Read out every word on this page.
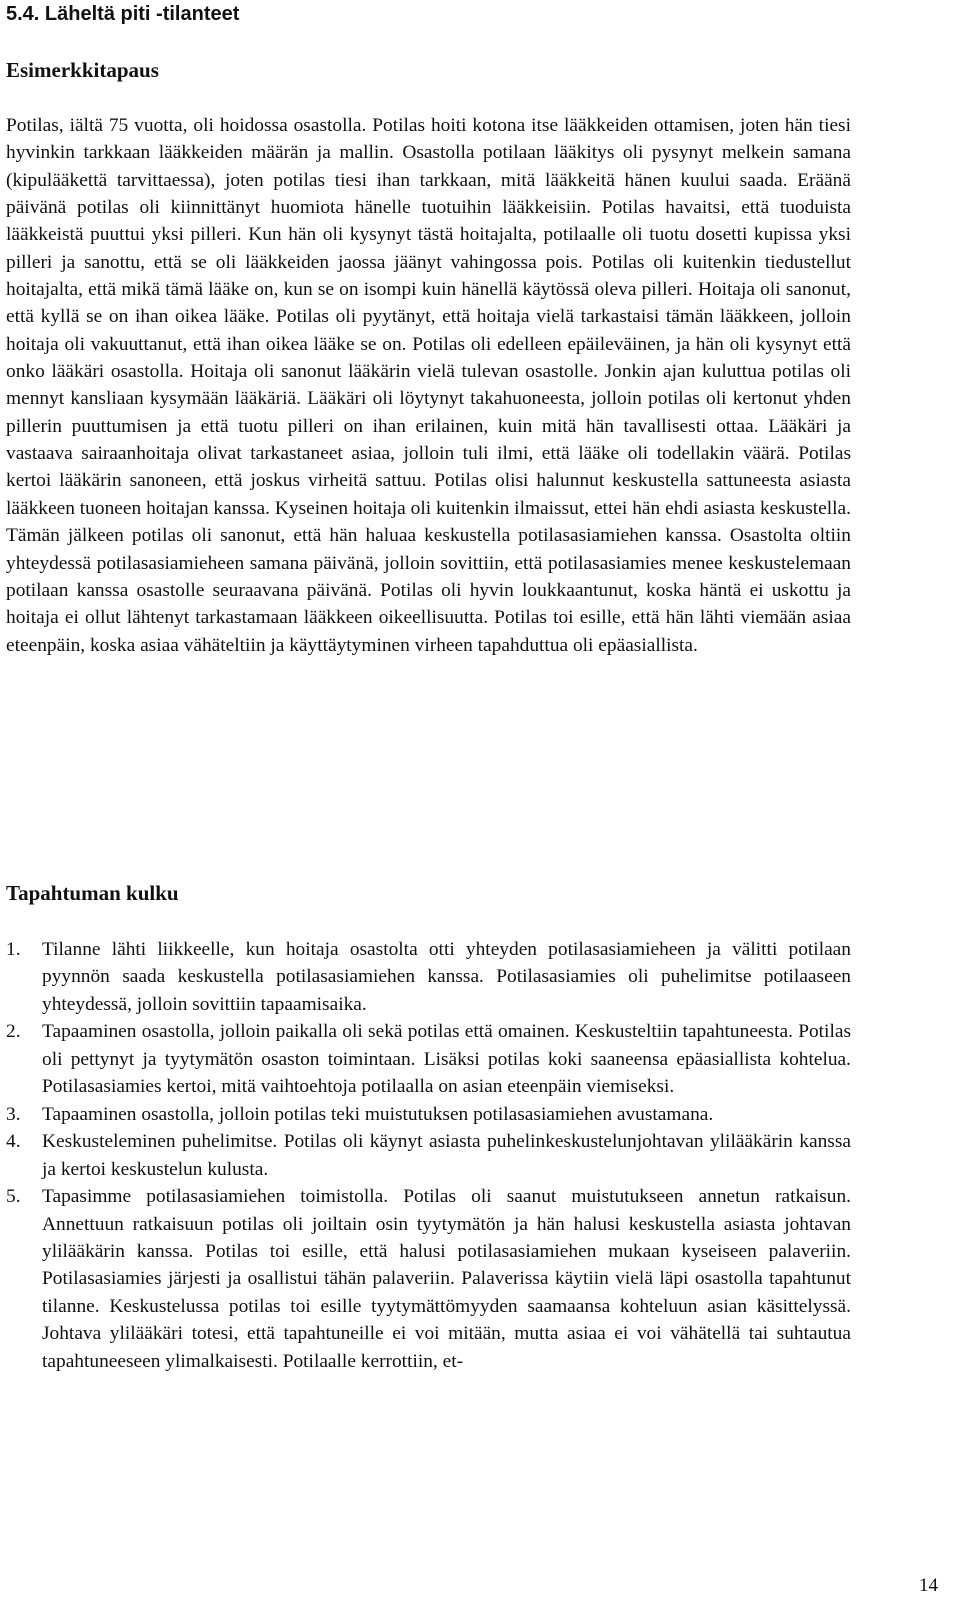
5.4. Läheltä piti -tilanteet
Esimerkkitapaus

Potilas, iältä 75 vuotta, oli hoidossa osastolla. Potilas hoiti kotona itse lääkkeiden ottamisen, joten hän tiesi hyvinkin tarkkaan lääkkeiden määrän ja mallin. Osastolla potilaan lääkitys oli pysynyt melkein samana (kipulääkettä tarvittaessa), joten potilas tiesi ihan tarkkaan, mitä lääkkeitä hänen kuului saada. Eräänä päivänä potilas oli kiinnittänyt huomiota hänelle tuotuihin lääkkeisiin. Potilas havaitsi, että tuoduista lääkkeistä puuttui yksi pilleri. Kun hän oli kysynyt tästä hoitajalta, potilaalle oli tuotu dosetti kupissa yksi pilleri ja sanottu, että se oli lääkkeiden jaossa jäänyt vahingossa pois. Potilas oli kuitenkin tiedustellut hoitajalta, että mikä tämä lääke on, kun se on isompi kuin hänellä käytössä oleva pilleri. Hoitaja oli sanonut, että kyllä se on ihan oikea lääke. Potilas oli pyytänyt, että hoitaja vielä tarkastaisi tämän lääkkeen, jolloin hoitaja oli vakuuttanut, että ihan oikea lääke se on. Potilas oli edelleen epäileväinen, ja hän oli kysynyt että onko lääkäri osastolla. Hoitaja oli sanonut lääkärin vielä tulevan osastolle. Jonkin ajan kuluttua potilas oli mennyt kansliaan kysymään lääkäriä. Lääkäri oli löytynyt takahuoneesta, jolloin potilas oli kertonut yhden pillerin puuttumisen ja että tuotu pilleri on ihan erilainen, kuin mitä hän tavallisesti ottaa. Lääkäri ja vastaava sairaanhoitaja olivat tarkastaneet asiaa, jolloin tuli ilmi, että lääke oli todellakin väärä. Potilas kertoi lääkärin sanoneen, että joskus virheitä sattuu. Potilas olisi halunnut keskustella sattuneesta asiasta lääkkeen tuoneen hoitajan kanssa. Kyseinen hoitaja oli kuitenkin ilmaissut, ettei hän ehdi asiasta keskustella. Tämän jälkeen potilas oli sanonut, että hän haluaa keskustella potilasasiamiehen kanssa. Osastolta oltiin yhteydessä potilasasiamieheen samana päivänä, jolloin sovittiin, että potilasasiamies menee keskustelemaan potilaan kanssa osastolle seuraavana päivänä. Potilas oli hyvin loukkaantunut, koska häntä ei uskottu ja hoitaja ei ollut lähtenyt tarkastamaan lääkkeen oikeellisuutta. Potilas toi esille, että hän lähti viemään asiaa eteenpäin, koska asiaa vähäteltiin ja käyttäytyminen virheen tapahduttua oli epäasiallista.

Tapahtuman kulku
1.	Tilanne lähti liikkeelle, kun hoitaja osastolta otti yhteyden potilasasiamieheen ja välitti potilaan pyynnön saada keskustella potilasasiamiehen kanssa. Potilasasiamies oli puhelimitse potilaaseen yhteydessä, jolloin sovittiin tapaamisaika.
2.	Tapaaminen osastolla, jolloin paikalla oli sekä potilas että omainen. Keskusteltiin tapahtuneesta. Potilas oli pettynyt ja tyytymätön osaston toimintaan. Lisäksi potilas koki saaneensa epäasiallista kohtelua. Potilasasiamies kertoi, mitä vaihtoehtoja potilaalla on asian eteenpäin viemiseksi.
3.	Tapaaminen osastolla, jolloin potilas teki muistutuksen potilasasiamiehen avustamana.
4.	Keskusteleminen puhelimitse. Potilas oli käynyt asiasta puhelinkeskustelunjohtavan ylilääkärin kanssa ja kertoi keskustelun kulusta.
5.	Tapasimme potilasasiamiehen toimistolla. Potilas oli saanut muistutukseen annetun ratkaisun. Annettuun ratkaisuun potilas oli joiltain osin tyytymätön ja hän halusi keskustella asiasta johtavan ylilääkärin kanssa. Potilas toi esille, että halusi potilasasiamiehen mukaan kyseiseen palaveriin. Potilasasiamies järjesti ja osallistui tähän palaveriin. Palaverissa käytiin vielä läpi osastolla tapahtunut tilanne. Keskustelussa potilas toi esille tyytymättömyyden saamaansa kohteluun asian käsittelyssä. Johtava ylilääkäri totesi, että tapahtuneille ei voi mitään, mutta asiaa ei voi vähätellä tai suhtautua tapahtuneeseen ylimalkaisesti. Potilaalle kerrottiin, et-
14
